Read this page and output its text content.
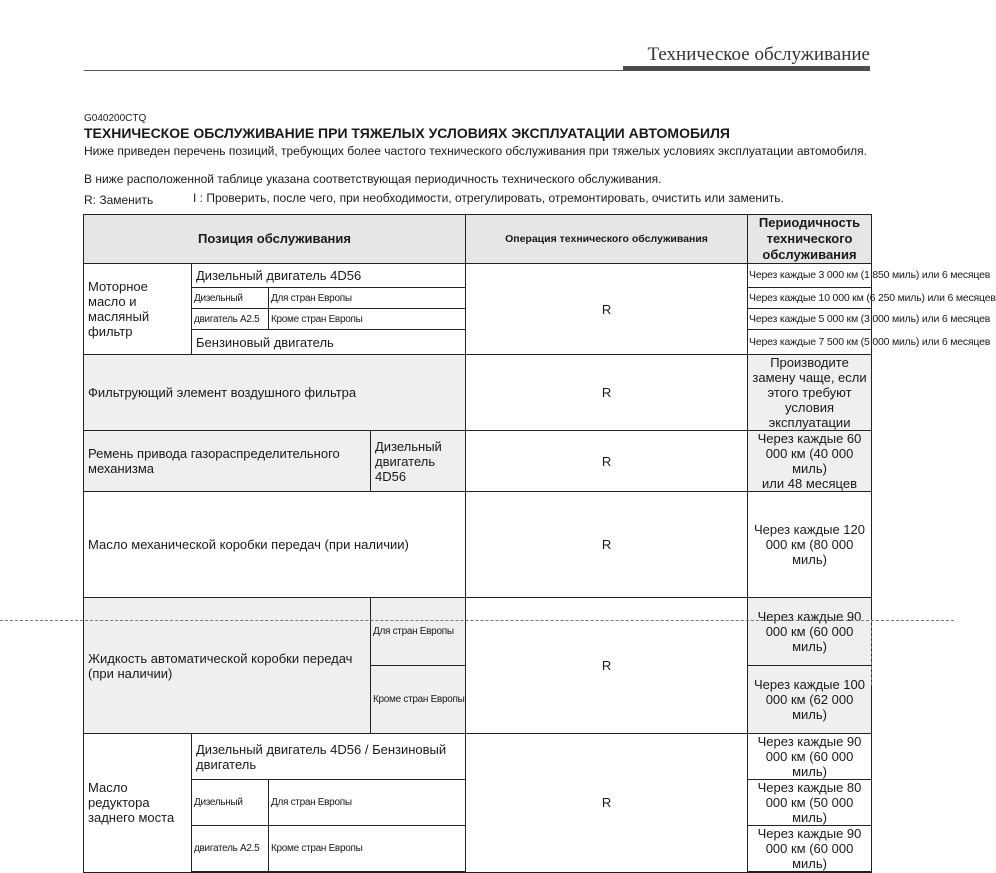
Техническое обслуживание
G040200CTQ
ТЕХНИЧЕСКОЕ ОБСЛУЖИВАНИЕ ПРИ ТЯЖЕЛЫХ УСЛОВИЯХ ЭКСПЛУАТАЦИИ АВТОМОБИЛЯ
Ниже приведен перечень позиций, требующих более частого технического обслуживания при тяжелых условиях эксплуатации автомобиля.
В ниже расположенной таблице указана соответствующая периодичность технического обслуживания.
R: Заменить	I : Проверить, после чего, при необходимости, отрегулировать, отремонтировать, очистить или заменить.
Позиция обслуживания				Операция технического обслуживания	Периодичность технического обслуживания	
Моторное масло и масляный фильтр	Дизельный двигатель 4D56			R	Через каждые 3 000 км (1 850 миль) или 6 месяцев	
	Дизельный	Для стран Европы			Через каждые 10 000 км (6 250 миль) или 6 месяцев	
	двигатель A2.5	Кроме стран Европы			Через каждые 5 000 км (3 000 миль) или 6 месяцев	
	Бензиновый двигатель				Через каждые 7 500 км (5 000 миль) или 6 месяцев	
Фильтрующий элемент воздушного фильтра				R	Производите замену чаще, если этого требуют условия эксплуатации	
Ремень привода газораспределительного механизма			Дизельный двигатель 4D56	R	Через каждые 60 000 км (40 000 миль)
или 48 месяцев

Масло механической коробки передач (при наличии)				R	Через каждые 120 000 км (80 000 миль)	
Жидкость автоматической коробки передач (при наличии)			Для стран Европы	R	Через каждые 90 000 км (60 000 миль)	
			Кроме стран Европы		Через каждые 100 000 км (62 000 миль)	
Масло редуктора заднего моста	Дизельный двигатель 4D56 / Бензиновый двигатель			R	Через каждые 90 000 км (60 000 миль)	
	Дизельный	Для стран Европы			Через каждые 80 000 км (50 000 миль)	
	двигатель A2.5	Кроме стран Европы			Через каждые 90 000 км (60 000 миль)	
